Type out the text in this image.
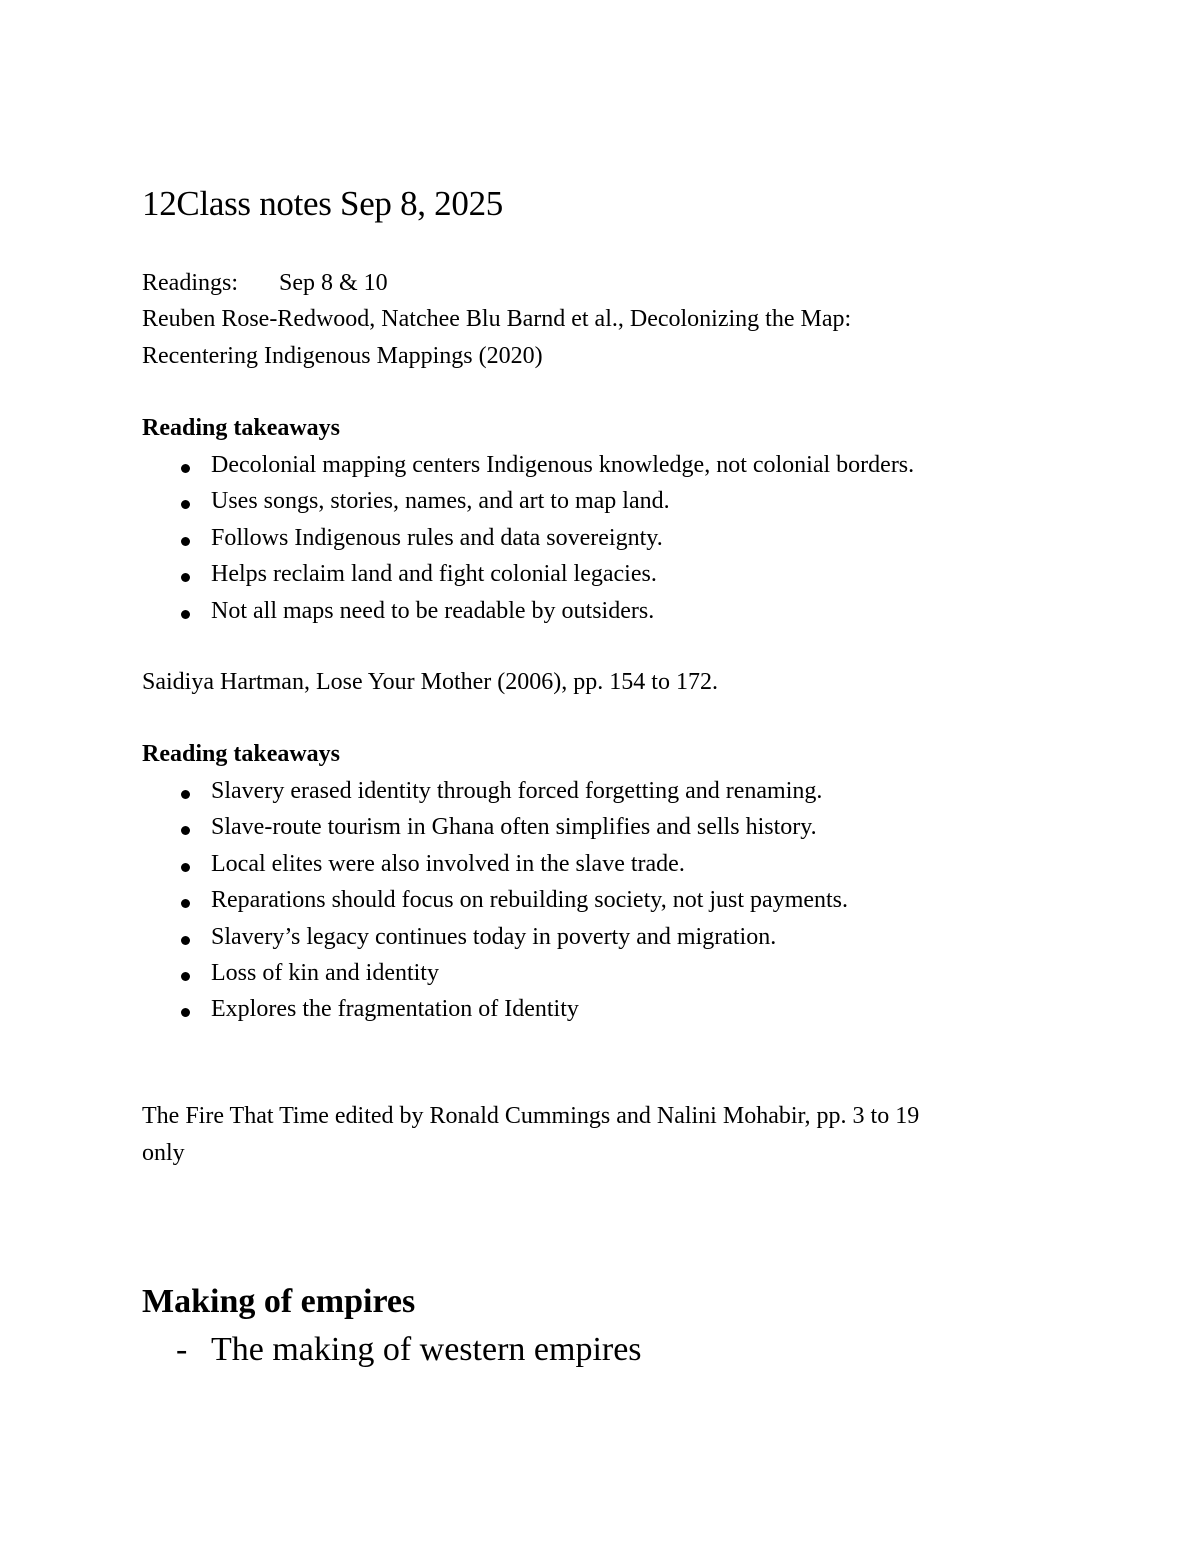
12Class notes Sep 8, 2025
Readings: Sep 8 & 10
Reuben Rose-Redwood, Natchee Blu Barnd et al., Decolonizing the Map:
Recentering Indigenous Mappings (2020)
Reading takeaways
Decolonial mapping centers Indigenous knowledge, not colonial borders.
Uses songs, stories, names, and art to map land.
Follows Indigenous rules and data sovereignty.
Helps reclaim land and fight colonial legacies.
Not all maps need to be readable by outsiders.
Saidiya Hartman, Lose Your Mother (2006), pp. 154 to 172.
Reading takeaways
Slavery erased identity through forced forgetting and renaming.
Slave-route tourism in Ghana often simplifies and sells history.
Local elites were also involved in the slave trade.
Reparations should focus on rebuilding society, not just payments.
Slavery’s legacy continues today in poverty and migration.
Loss of kin and identity
Explores the fragmentation of Identity
The Fire That Time edited by Ronald Cummings and Nalini Mohabir, pp. 3 to 19
only
Making of empires
- The making of western empires
